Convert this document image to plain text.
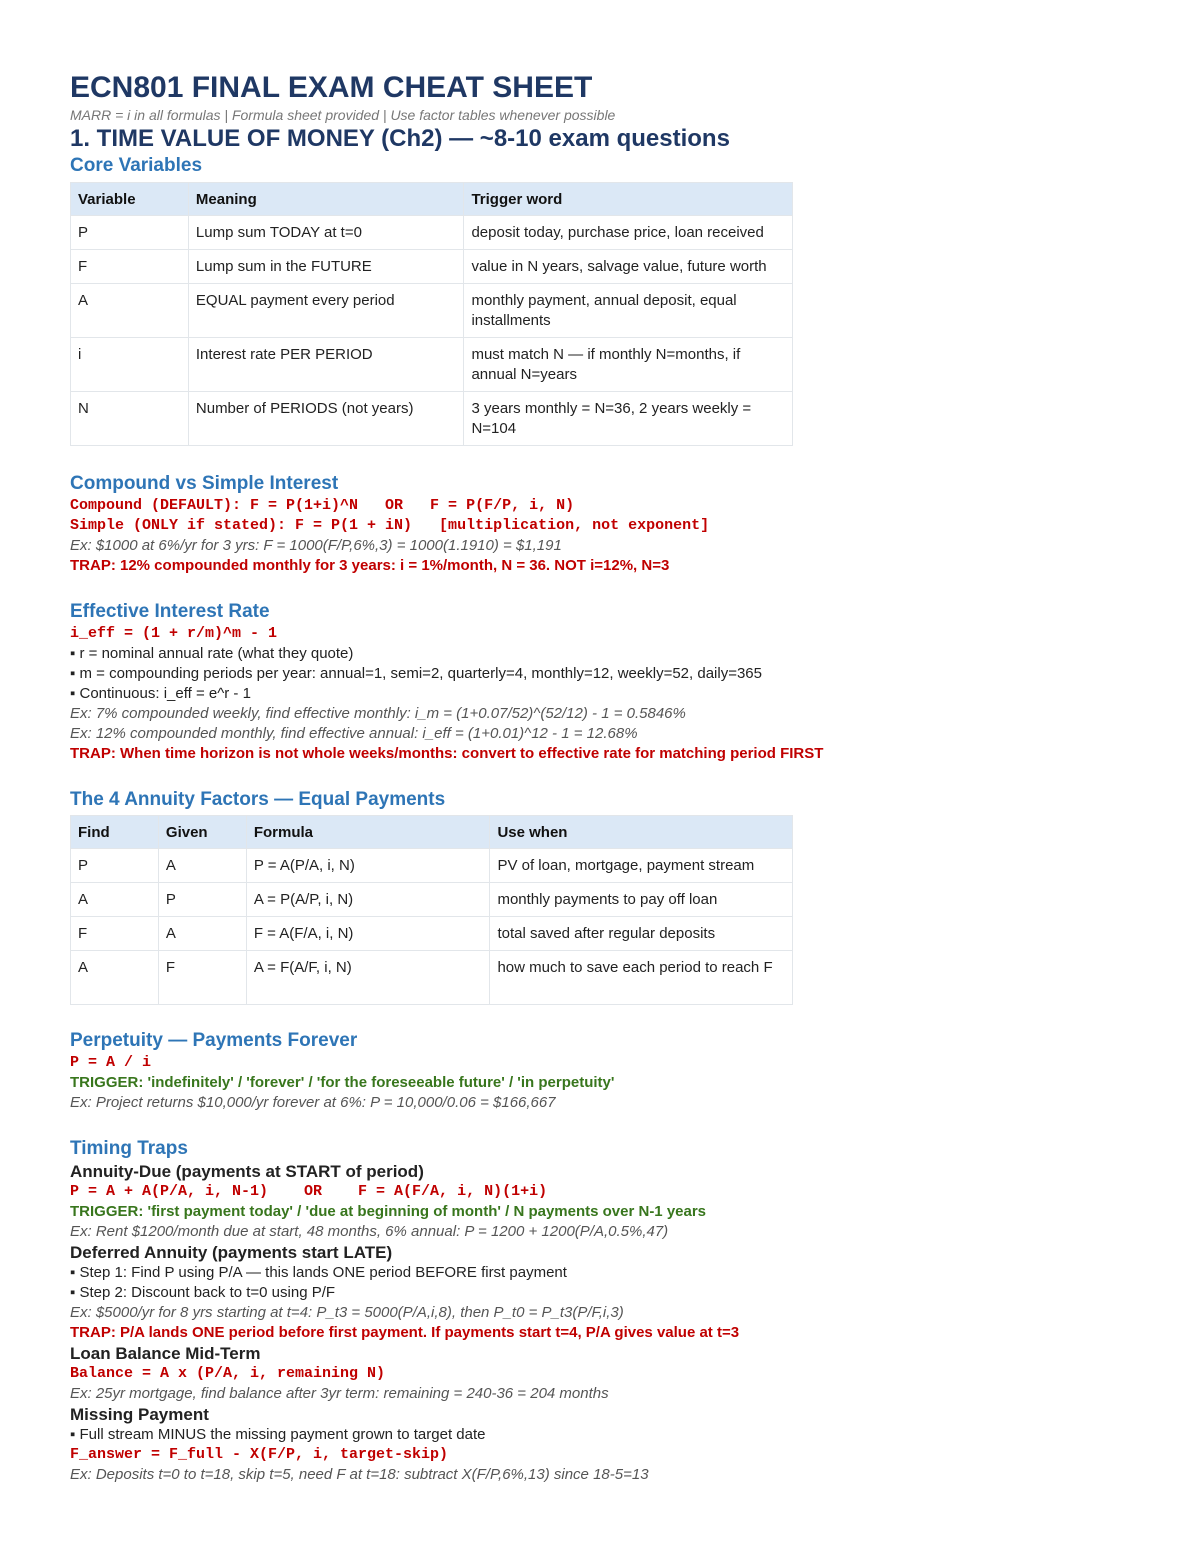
ECN801 FINAL EXAM CHEAT SHEET

MARR = i in all formulas | Formula sheet provided | Use factor tables whenever possible

1. TIME VALUE OF MONEY (Ch2) — ~8-10 exam questions
Core Variables
Variable	Meaning	Trigger word
P	Lump sum TODAY at t=0	deposit today, purchase price, loan received
F	Lump sum in the FUTURE	value in N years, salvage value, future worth
A	EQUAL payment every period	monthly payment, annual deposit, equal installments
i	Interest rate PER PERIOD	must match N — if monthly N=months, if annual N=years
N	Number of PERIODS (not years)	3 years monthly = N=36, 2 years weekly = N=104
Compound vs Simple Interest
Compound (DEFAULT): F = P(1+i)^N   OR   F = P(F/P, i, N)
Simple (ONLY if stated): F = P(1 + iN)   [multiplication, not exponent]
Ex: $1000 at 6%/yr for 3 yrs: F = 1000(F/P,6%,3) = 1000(1.1910) = $1,191
TRAP: 12% compounded monthly for 3 years: i = 1%/month, N = 36. NOT i=12%, N=3
Effective Interest Rate
i_eff = (1 + r/m)^m - 1
▪ r = nominal annual rate (what they quote)
▪ m = compounding periods per year: annual=1, semi=2, quarterly=4, monthly=12, weekly=52, daily=365
▪ Continuous: i_eff = e^r - 1
Ex: 7% compounded weekly, find effective monthly: i_m = (1+0.07/52)^(52/12) - 1 = 0.5846%
Ex: 12% compounded monthly, find effective annual: i_eff = (1+0.01)^12 - 1 = 12.68%
TRAP: When time horizon is not whole weeks/months: convert to effective rate for matching period FIRST
The 4 Annuity Factors — Equal Payments
Find	Given	Formula	Use when
P	A	P = A(P/A, i, N)	PV of loan, mortgage, payment stream
A	P	A = P(A/P, i, N)	monthly payments to pay off loan
F	A	F = A(F/A, i, N)	total saved after regular deposits
A	F	A = F(A/F, i, N)	how much to save each period to reach F
Perpetuity — Payments Forever
P = A / i
TRIGGER: 'indefinitely' / 'forever' / 'for the foreseeable future' / 'in perpetuity'
Ex: Project returns $10,000/yr forever at 6%: P = 10,000/0.06 = $166,667
Timing Traps
Annuity-Due (payments at START of period)
P = A + A(P/A, i, N-1)    OR    F = A(F/A, i, N)(1+i)
TRIGGER: 'first payment today' / 'due at beginning of month' / N payments over N-1 years
Ex: Rent $1200/month due at start, 48 months, 6% annual: P = 1200 + 1200(P/A,0.5%,47)
Deferred Annuity (payments start LATE)
▪ Step 1: Find P using P/A — this lands ONE period BEFORE first payment
▪ Step 2: Discount back to t=0 using P/F
Ex: $5000/yr for 8 yrs starting at t=4: P_t3 = 5000(P/A,i,8), then P_t0 = P_t3(P/F,i,3)
TRAP: P/A lands ONE period before first payment. If payments start t=4, P/A gives value at t=3
Loan Balance Mid-Term
Balance = A x (P/A, i, remaining N)
Ex: 25yr mortgage, find balance after 3yr term: remaining = 240-36 = 204 months
Missing Payment
▪ Full stream MINUS the missing payment grown to target date
F_answer = F_full - X(F/P, i, target-skip)
Ex: Deposits t=0 to t=18, skip t=5, need F at t=18: subtract X(F/P,6%,13) since 18-5=13
